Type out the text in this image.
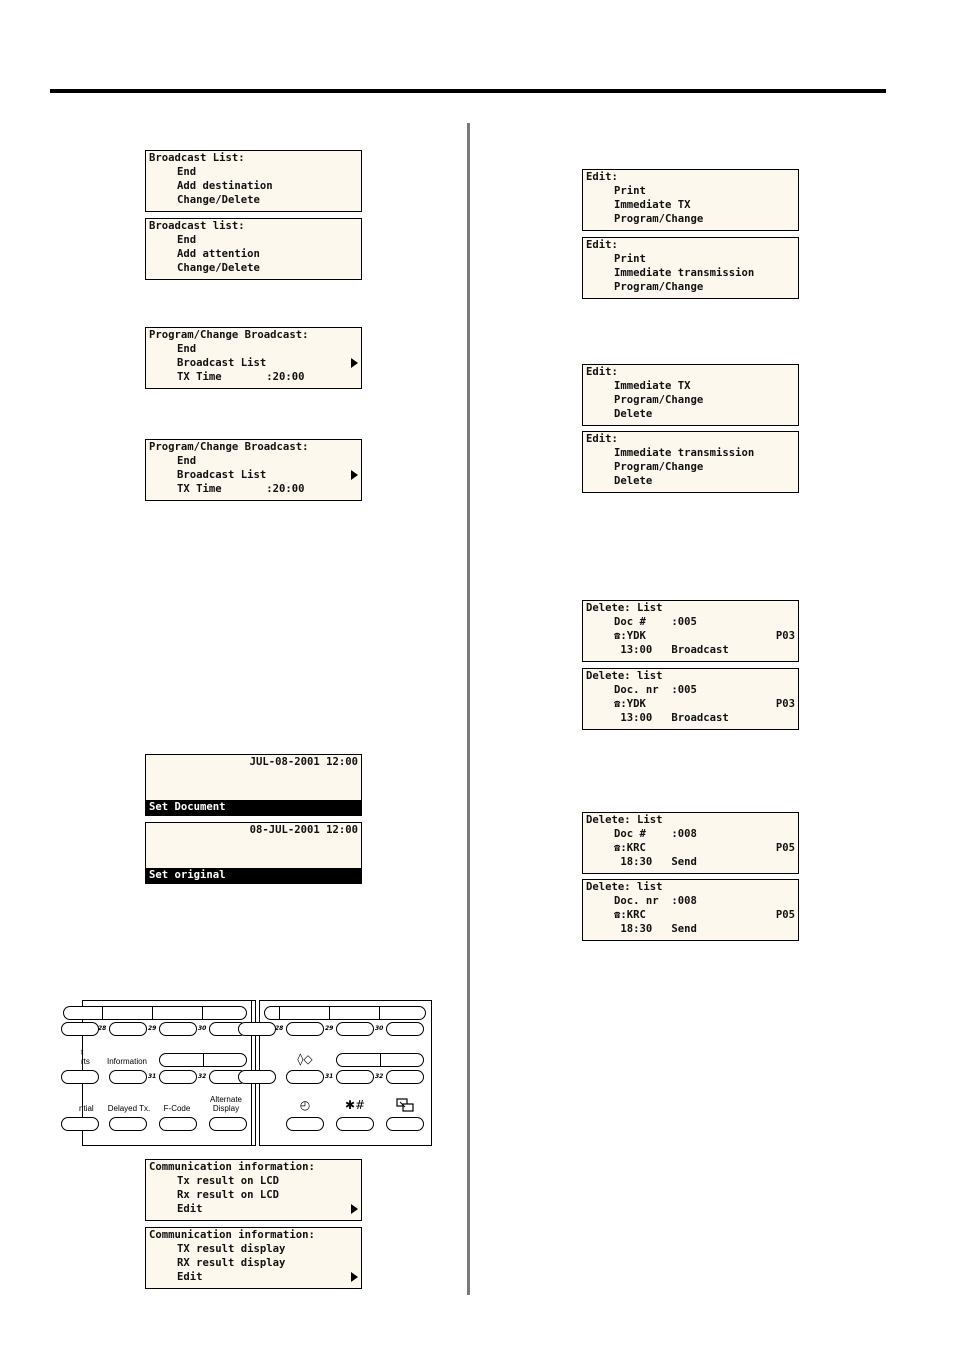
Broadcast List:
End
Add destination
Change/Delete
Broadcast list:
End
Add attention
Change/Delete
Program/Change Broadcast:
End
Broadcast List
TX Time       :20:00
Program/Change Broadcast:
End
Broadcast List
TX Time       :20:00
JUL-08-2001 12:00
Set Document
08-JUL-2001 12:00
Set original
28	29	30
t
rts	Information
31	32
ntial	Delayed Tx.	F-Code
Alternate
Display
28	29	30
◊◇
31	32
◴	✱#
Communication information:
Tx result on LCD
Rx result on LCD
Edit
Communication information:
TX result display
RX result display
Edit
Edit:
Print
Immediate TX
Program/Change
Edit:
Print
Immediate transmission
Program/Change
Edit:
Immediate TX
Program/Change
Delete
Edit:
Immediate transmission
Program/Change
Delete
Delete: List
Doc #    :005
☎:YDK	P03
13:00   Broadcast
Delete: list
Doc. nr  :005
☎:YDK	P03
13:00   Broadcast
Delete: List
Doc #    :008
☎:KRC	P05
18:30   Send
Delete: list
Doc. nr  :008
☎:KRC	P05
18:30   Send
